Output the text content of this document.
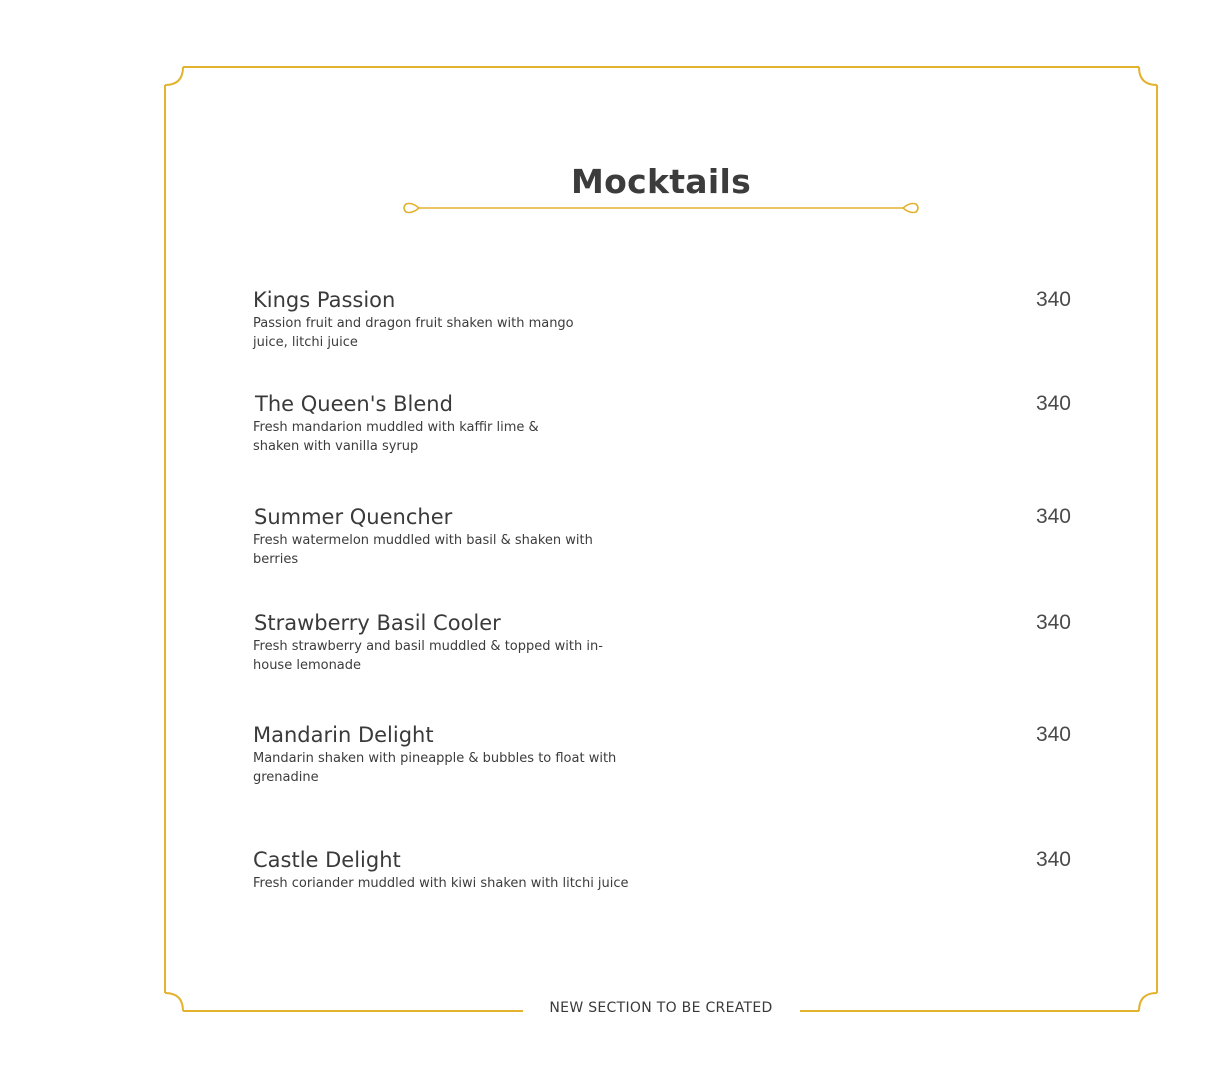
Mocktails
Kings Passion
Passion fruit and dragon fruit shaken with mango juice, litchi juice
340
The Queen's Blend
Fresh mandarion muddled with kaffir lime & shaken with vanilla syrup
340
Summer Quencher
Fresh watermelon muddled with basil & shaken with berries
340
Strawberry Basil Cooler
Fresh strawberry and basil muddled & topped with in-house lemonade
340
Mandarin Delight
Mandarin shaken with pineapple & bubbles to float with grenadine
340
Castle Delight
Fresh coriander muddled with kiwi shaken with litchi juice
340
NEW SECTION TO BE CREATED
